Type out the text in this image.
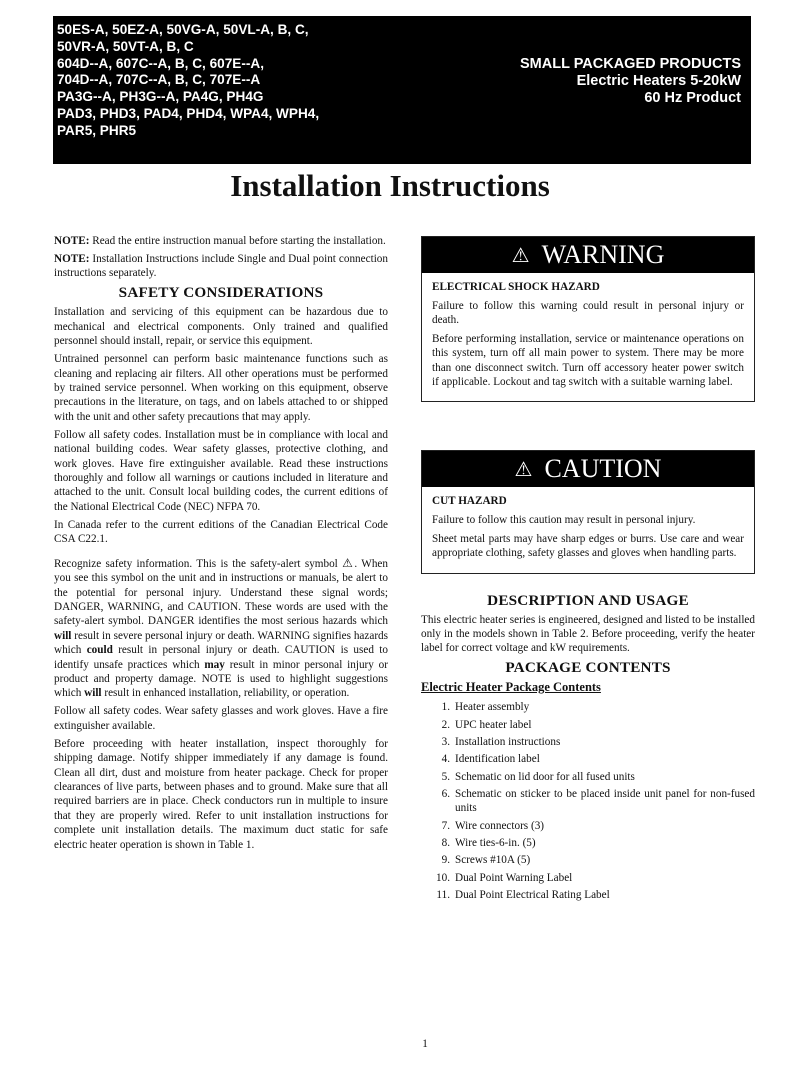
50ES-A, 50EZ-A, 50VG-A, 50VL-A, B, C,
50VR-A, 50VT-A, B, C
604D--A, 607C--A, B, C, 607E--A,
704D--A, 707C--A, B, C, 707E--A
PA3G--A, PH3G--A, PA4G, PH4G
PAD3, PHD3, PAD4, PHD4, WPA4, WPH4,
PAR5, PHR5
SMALL PACKAGED PRODUCTS
Electric Heaters 5-20kW
60 Hz Product
Installation Instructions

NOTE: Read the entire instruction manual before starting the installation.

NOTE: Installation Instructions include Single and Dual point connection instructions separately.

SAFETY CONSIDERATIONS

Installation and servicing of this equipment can be hazardous due to mechanical and electrical components. Only trained and qualified personnel should install, repair, or service this equipment.

Untrained personnel can perform basic maintenance functions such as cleaning and replacing air filters. All other operations must be performed by trained service personnel. When working on this equipment, observe precautions in the literature, on tags, and on labels attached to or shipped with the unit and other safety precautions that may apply.

Follow all safety codes. Installation must be in compliance with local and national building codes. Wear safety glasses, protective clothing, and work gloves. Have fire extinguisher available. Read these instructions thoroughly and follow all warnings or cautions included in literature and attached to the unit. Consult local building codes, the current editions of the National Electrical Code (NEC) NFPA 70.

In Canada refer to the current editions of the Canadian Electrical Code CSA C22.1.

Recognize safety information. This is the safety-alert symbol ⚠. When you see this symbol on the unit and in instructions or manuals, be alert to the potential for personal injury. Understand these signal words; DANGER, WARNING, and CAUTION. These words are used with the safety-alert symbol. DANGER identifies the most serious hazards which will result in severe personal injury or death. WARNING signifies hazards which could result in personal injury or death. CAUTION is used to identify unsafe practices which may result in minor personal injury or product and property damage. NOTE is used to highlight suggestions which will result in enhanced installation, reliability, or operation.

Follow all safety codes. Wear safety glasses and work gloves. Have a fire extinguisher available.

Before proceeding with heater installation, inspect thoroughly for shipping damage. Notify shipper immediately if any damage is found. Clean all dirt, dust and moisture from heater package. Check for proper clearances of live parts, between phases and to ground. Make sure that all required barriers are in place. Check conductors run in multiple to insure that they are properly wired. Refer to unit installation instructions for complete unit installation details. The maximum duct static for safe electric heater operation is shown in Table 1.

⚠ WARNING
ELECTRICAL SHOCK HAZARD

Failure to follow this warning could result in personal injury or death.

Before performing installation, service or maintenance operations on this system, turn off all main power to system. There may be more than one disconnect switch. Turn off accessory heater power switch if applicable. Lockout and tag switch with a suitable warning label.

⚠ CAUTION
CUT HAZARD

Failure to follow this caution may result in personal injury.

Sheet metal parts may have sharp edges or burrs. Use care and wear appropriate clothing, safety glasses and gloves when handling parts.

DESCRIPTION AND USAGE

This electric heater series is engineered, designed and listed to be installed only in the models shown in Table 2. Before proceeding, verify the heater label for correct voltage and kW requirements.

PACKAGE CONTENTS
Electric Heater Package Contents
1. Heater assembly
2. UPC heater label
3. Installation instructions
4. Identification label
5. Schematic on lid door for all fused units
6. Schematic on sticker to be placed inside unit panel for non-fused units
7. Wire connectors (3)
8. Wire ties-6-in. (5)
9. Screws #10A (5)
10. Dual Point Warning Label
11. Dual Point Electrical Rating Label
1
